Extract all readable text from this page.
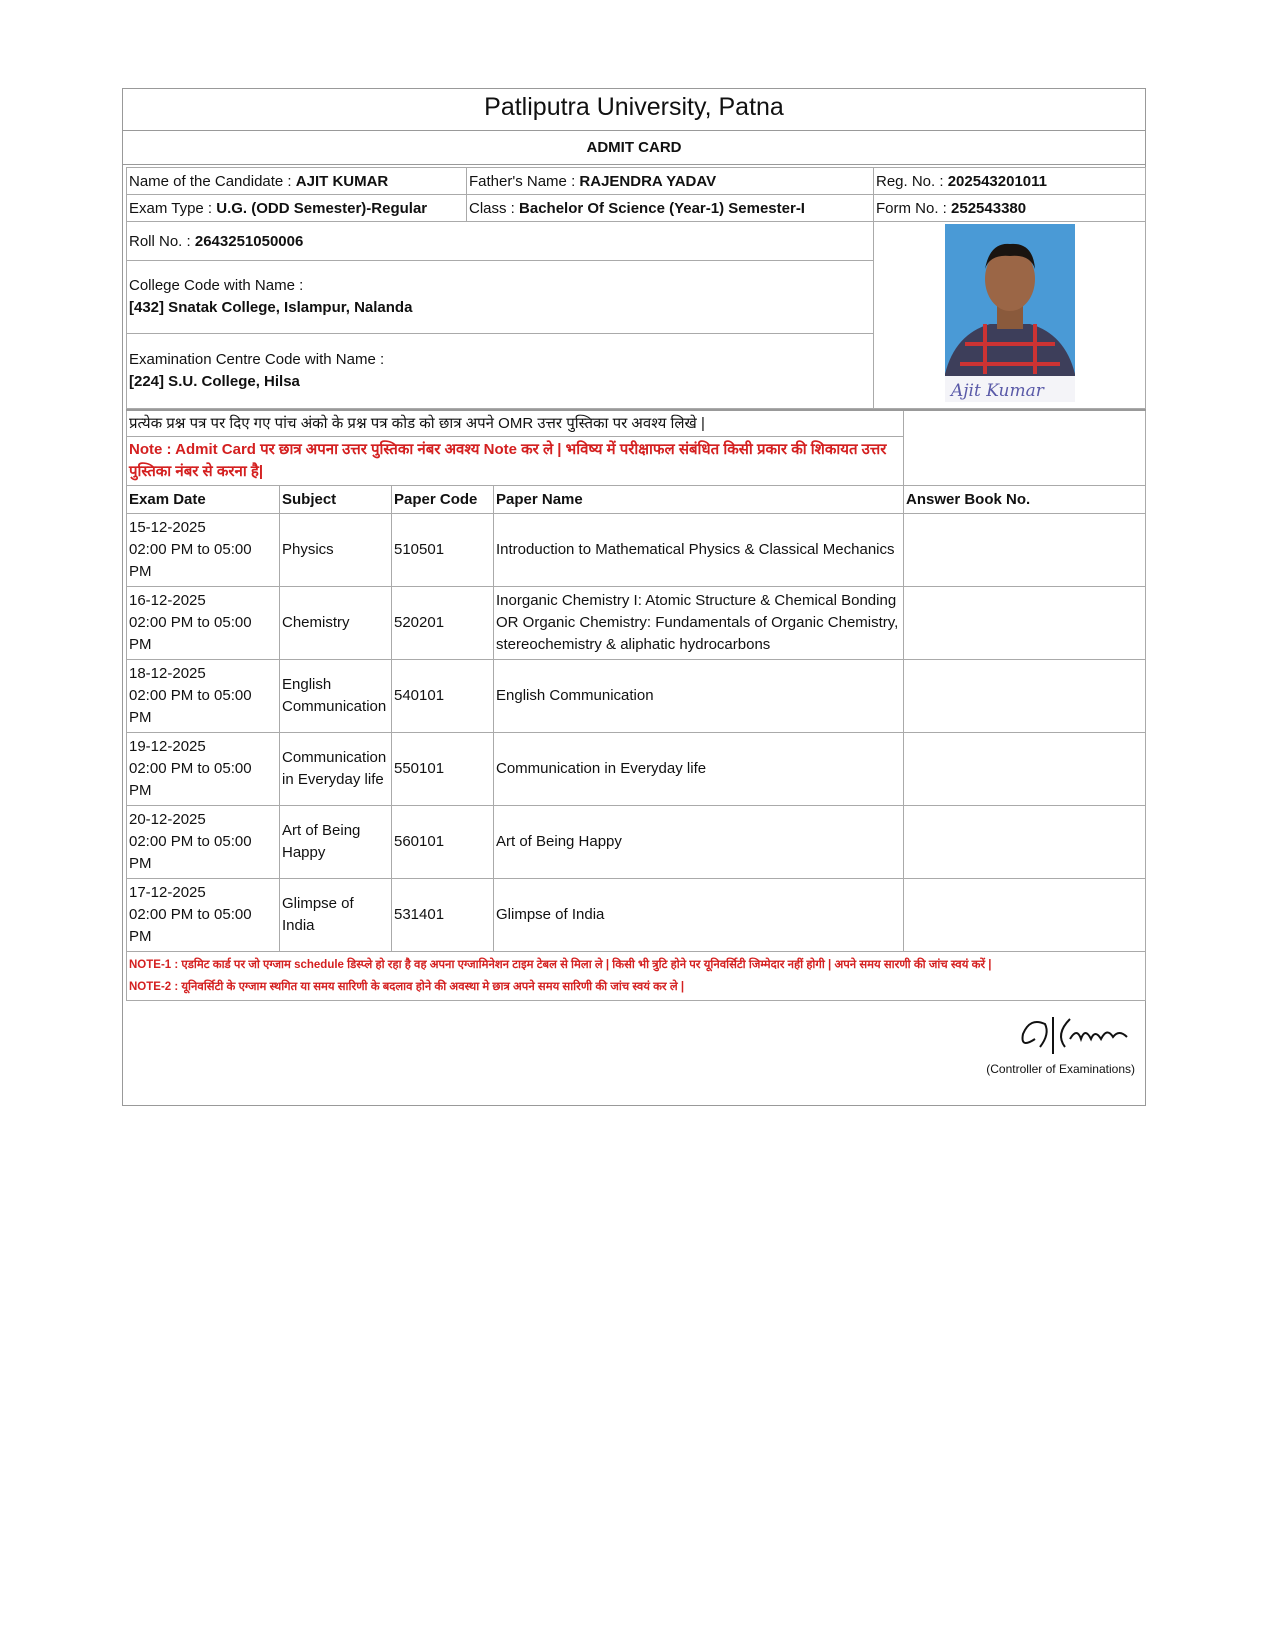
Patliputra University, Patna
ADMIT CARD
Name of the Candidate : AJIT KUMAR	Father's Name : RAJENDRA YADAV	Reg. No. : 202543201011
Exam Type : U.G. (ODD Semester)-Regular	Class : Bachelor Of Science (Year-1) Semester-I	Form No. : 252543380
Roll No. : 2643251050006		Ajit Kumar

College Code with Name :
[432] Snatak College, Islampur, Nalanda		

Examination Centre Code with Name :
[224] S.U. College, Hilsa		
प्रत्येक प्रश्न पत्र पर दिए गए पांच अंको के प्रश्न पत्र कोड को छात्र अपने OMR उत्तर पुस्तिका पर अवश्य लिखे |				
Note : Admit Card पर छात्र अपना उत्तर पुस्तिका नंबर अवश्य Note कर ले | भविष्य में परीक्षाफल संबंधित किसी प्रकार की शिकायत उत्तर पुस्तिका नंबर से करना है|				
Exam Date	Subject	Paper Code	Paper Name	Answer Book No.

15-12-2025
02:00 PM to 05:00 PM	Physics	510501	Introduction to Mathematical Physics & Classical Mechanics	

16-12-2025
02:00 PM to 05:00 PM	Chemistry	520201	Inorganic Chemistry I: Atomic Structure & Chemical Bonding OR Organic Chemistry: Fundamentals of Organic Chemistry, stereochemistry & aliphatic hydrocarbons	

18-12-2025
02:00 PM to 05:00 PM	English Communication	540101	English Communication	

19-12-2025
02:00 PM to 05:00 PM	Communication in Everyday life	550101	Communication in Everyday life	

20-12-2025
02:00 PM to 05:00 PM	Art of Being Happy	560101	Art of Being Happy	

17-12-2025
02:00 PM to 05:00 PM	Glimpse of India	531401	Glimpse of India	

NOTE-1 : एडमिट कार्ड पर जो एग्जाम schedule डिस्प्ले हो रहा है वह अपना एग्जामिनेशन टाइम टेबल से मिला ले | किसी भी त्रुटि होने पर यूनिवर्सिटी जिम्मेदार नहीं होगी | अपने समय सारणी की जांच स्वयं करें |
NOTE-2 : यूनिवर्सिटी के एग्जाम स्थगित या समय सारिणी के बदलाव होने की अवस्था मे छात्र अपने समय सारिणी की जांच स्वयं कर ले |				
(Controller of Examinations)
